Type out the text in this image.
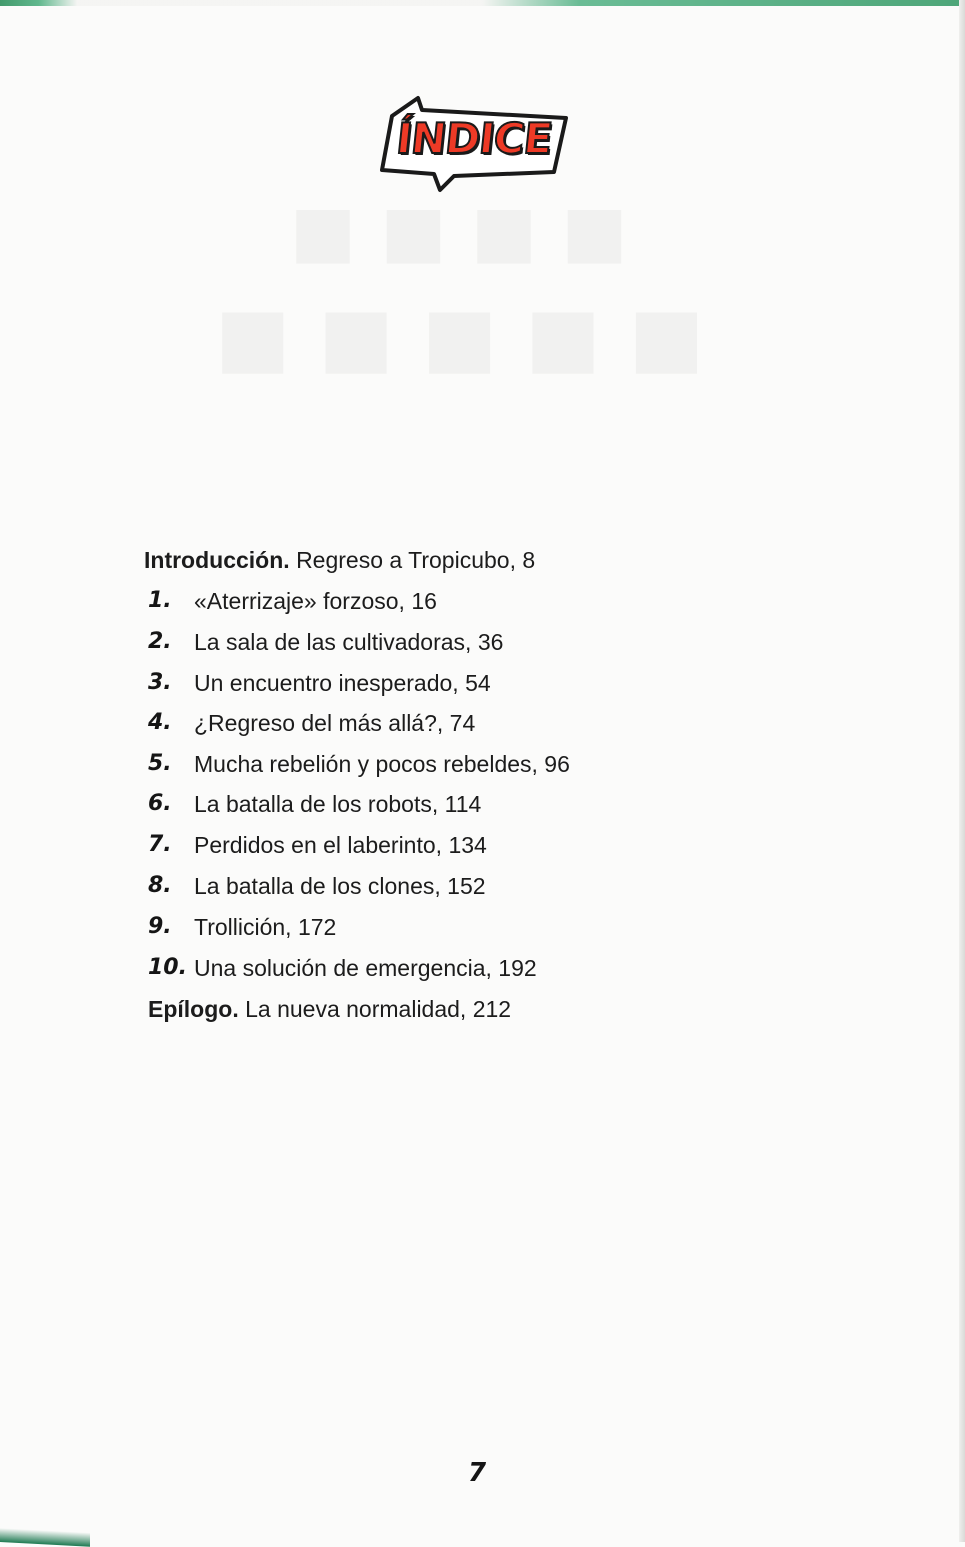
■ ■ ■ ■
■ ■ ■ ■ ■
ÍNDICE
Introducción. Regreso a Tropicubo, 8
1. «Aterrizaje» forzoso, 16
2. La sala de las cultivadoras, 36
3. Un encuentro inesperado, 54
4. ¿Regreso del más allá?, 74
5. Mucha rebelión y pocos rebeldes, 96
6. La batalla de los robots, 114
7. Perdidos en el laberinto, 134
8. La batalla de los clones, 152
9. Trollición, 172
10. Una solución de emergencia, 192
Epílogo. La nueva normalidad, 212
7
